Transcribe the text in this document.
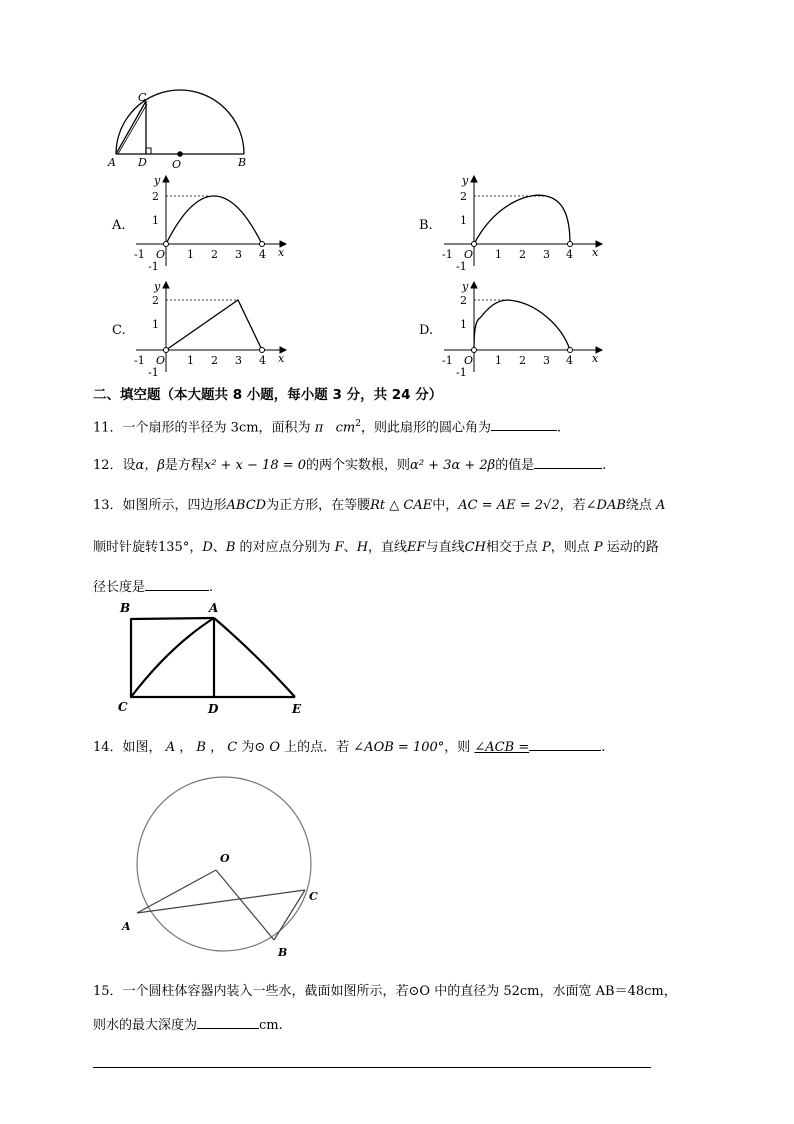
C
A D O	B
A.
y
x
2
1
O
-1	1 2 3 4
-1
B.
y
x
2
1
O
-1	1 2 3 4
-1
C.
y
x
2
1
O
-1	1 2 3 4
-1
D.
y
x
2
1
O
-1	1 2 3 4
-1
二、填空题（本大题共 8 小题，每小题 3 分，共 24 分）
11．一个扇形的半径为 3cm，面积为 π $cm^2$，则此扇形的圆心角为	.
12．设α，β是方程x² + x − 18 = 0的两个实数根，则α² + 3α + 2β的值是	.
13．如图所示，四边形ABCD为正方形，在等腰Rt △ CAE中，AC = AE = 2√2，若∠DAB绕点 A
顺时针旋转135°，D、B 的对应点分别为 F、H，直线EF与直线CH相交于点 P，则点 P 运动的路
径长度是	.
B	A
C	D	E
14．如图， A ， B ， C 为⊙ O 上的点．若 ∠AOB = 100°，则 ∠ACB =	.
O
A
B
C
15．一个圆柱体容器内装入一些水，截面如图所示，若⊙O 中的直径为 52cm，水面宽 AB＝48cm，
则水的最大深度为	cm.
